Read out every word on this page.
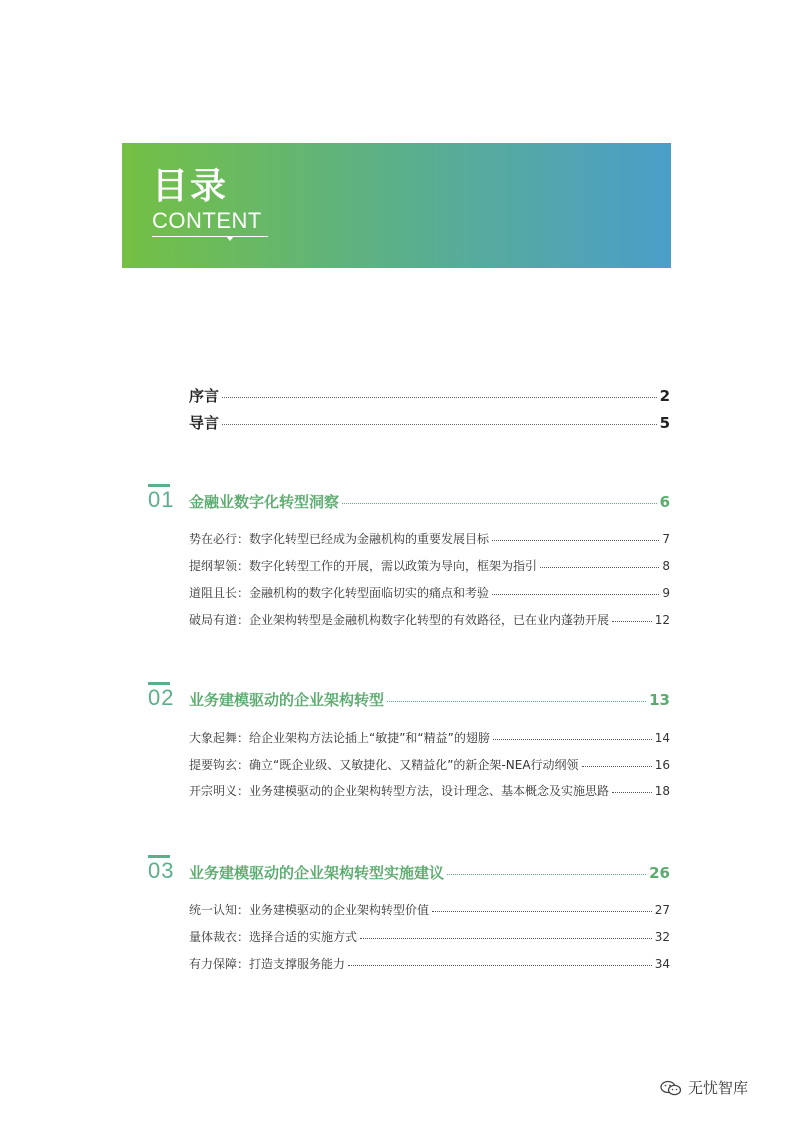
目录
CONTENT
序言	2
导言	5
01 金融业数字化转型洞察	6
势在必行：数字化转型已经成为金融机构的重要发展目标	7
提纲挈领：数字化转型工作的开展，需以政策为导向，框架为指引	8
道阻且长：金融机构的数字化转型面临切实的痛点和考验	9
破局有道：企业架构转型是金融机构数字化转型的有效路径，已在业内蓬勃开展	12
02 业务建模驱动的企业架构转型	13
大象起舞：给企业架构方法论插上“敏捷”和“精益”的翅膀	14
提要钩玄：确立“既企业级、又敏捷化、又精益化”的新企架-NEA行动纲领	16
开宗明义：业务建模驱动的企业架构转型方法，设计理念、基本概念及实施思路	18
03 业务建模驱动的企业架构转型实施建议	26
统一认知：业务建模驱动的企业架构转型价值	27
量体裁衣：选择合适的实施方式	32
有力保障：打造支撑服务能力	34
无忧智库
